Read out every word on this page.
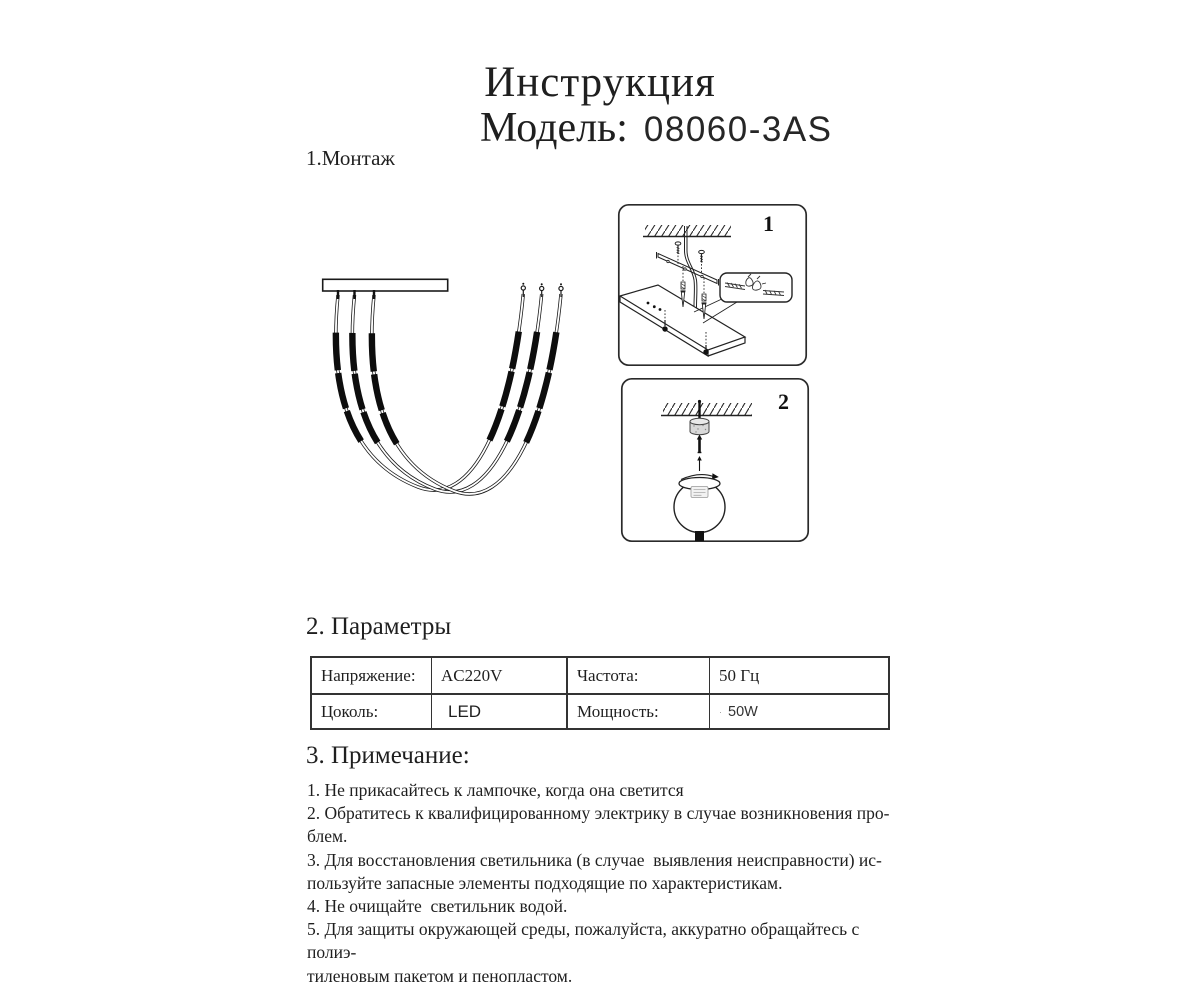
Инструкция
Модель: 08060-3AS
1.Монтаж
1
2
2. Параметры
Напряжение:	AC220V	Частота:	50 Гц
Цоколь:	LED	Мощность:	· 50W
3. Примечание:
1. Не прикасайтесь к лампочке, когда она светится
2. Обратитесь к квалифицированному электрику в случае возникновения про-
блем.
3. Для восстановления светильника (в случае  выявления неисправности) ис-
пользуйте запасные элементы подходящие по характеристикам.
4. Не очищайте  светильник водой.
5. Для защиты окружающей среды, пожалуйста, аккуратно обращайтесь с полиэ-
тиленовым пакетом и пенопластом.
